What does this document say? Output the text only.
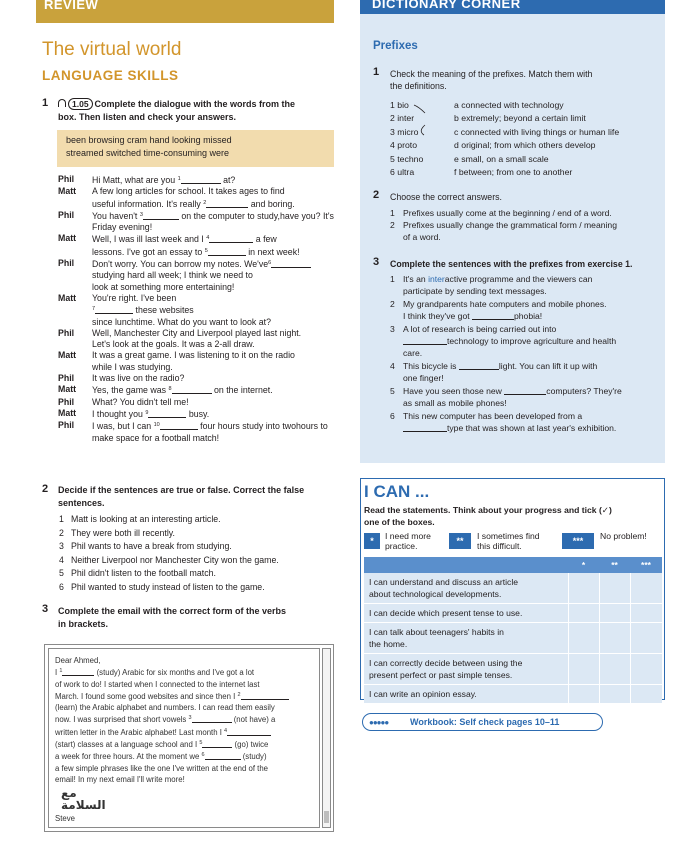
REVIEW
The virtual world
LANGUAGE SKILLS
1	1.05 Complete the dialogue with the words from the
box. Then listen and check your answers.
been browsing cram hand looking missed
streamed switched time-consuming were
Phil Hi Matt, what are you $^1$	at?
Matt A few long articles for school. It takes ages to find
useful information. It's really $^2$	and boring.
Phil You haven't $^3$	on the computer to study,have you? It's Friday evening!
Matt Well, I was ill last week and I $^4$	a few
lessons. I've got an essay to $^5$	in next week!
Phil Don't worry. You can borrow my notes. $We've^6$ studying hard all week; I think we need to
look at something more entertaining!
Matt You're right. I've been
$^7$	these websites
since lunchtime. What do you want to look at?
Phil Well, Manchester City and Liverpool played last night.
Let's look at the goals. It was a 2-all draw.
Matt It was a great game. I was listening to it on the radio
while I was studying.
Phil It was live on the radio?
Matt Yes, the game was $^8$	on the internet.
Phil What? You didn't tell me!
Matt I thought you $^9$	busy.
Phil I was, but I can $^{10}$	four hours study into twohours to make space for a football match!
2 Decide if the sentences are true or false. Correct the false
sentences.
1 Matt is looking at an interesting article.
2 They were both ill recently.
3 Phil wants to have a break from studying.
4 Neither Liverpool nor Manchester City won the game.
5 Phil didn't listen to the football match.
6 Phil wanted to study instead of listen to the game.
3 Complete the email with the correct form of the verbs
in brackets.
Dear Ahmed,
I $^1$	(study) Arabic for six months and I've got a lot
of work to do! I started when I connected to the internet last
March. I found some good websites and since then I $^2$
(learn) the Arabic alphabet and numbers. I can read them easily
now. I was surprised that short vowels $^3$	(not have) a
written letter in the Arabic alphabet! Last month I $^4$
(start) classes at a language school and I $^5$	(go) twice
a week for three hours. At the moment we $^6$	(study)
a few simple phrases like the one I've written at the end of the
email! In my next email I'll write more!
مع السلامة
Steve
DICTIONARY CORNER
Prefixes
1 Check the meaning of the prefixes. Match them with
the definitions.
1 bio	a connected with technology
2 inter	b extremely; beyond a certain limit
3 micro	c connected with living things or human life
4 proto	d original; from which others develop
5 techno	e small, on a small scale
6 ultra	f between; from one to another
2 Choose the correct answers.
1 Prefixes usually come at the beginning / end of a word.
2 Prefixes usually change the grammatical form / meaning
of a word.
3 Complete the sentences with the prefixes from exercise 1.
1 It's an interactive programme and the viewers can
participate by sending text messages.
2 My grandparents hate computers and mobile phones.
I think they've got	phobia!
3 A lot of research is being carried out into
technology to improve agriculture and health
care.
4 This bicycle is	light. You can lift it up with
one finger!
5 Have you seen those new	computers? They're
as small as mobile phones!
6 This new computer has been developed from a
type that was shown at last year's exhibition.
I CAN ...
Read the statements. Think about your progress and tick (✓)
one of the boxes.
*	I need more
practice.	**	I sometimes find
this difficult.	***	No problem!
*	**	***
I can understand and discuss an article
about technological developments.
I can decide which present tense to use.
I can talk about teenagers' habits in
the home.
I can correctly decide between using the
present perfect or past simple tenses.
I can write an opinion essay.
●●●●● Workbook: Self check pages 10–11
